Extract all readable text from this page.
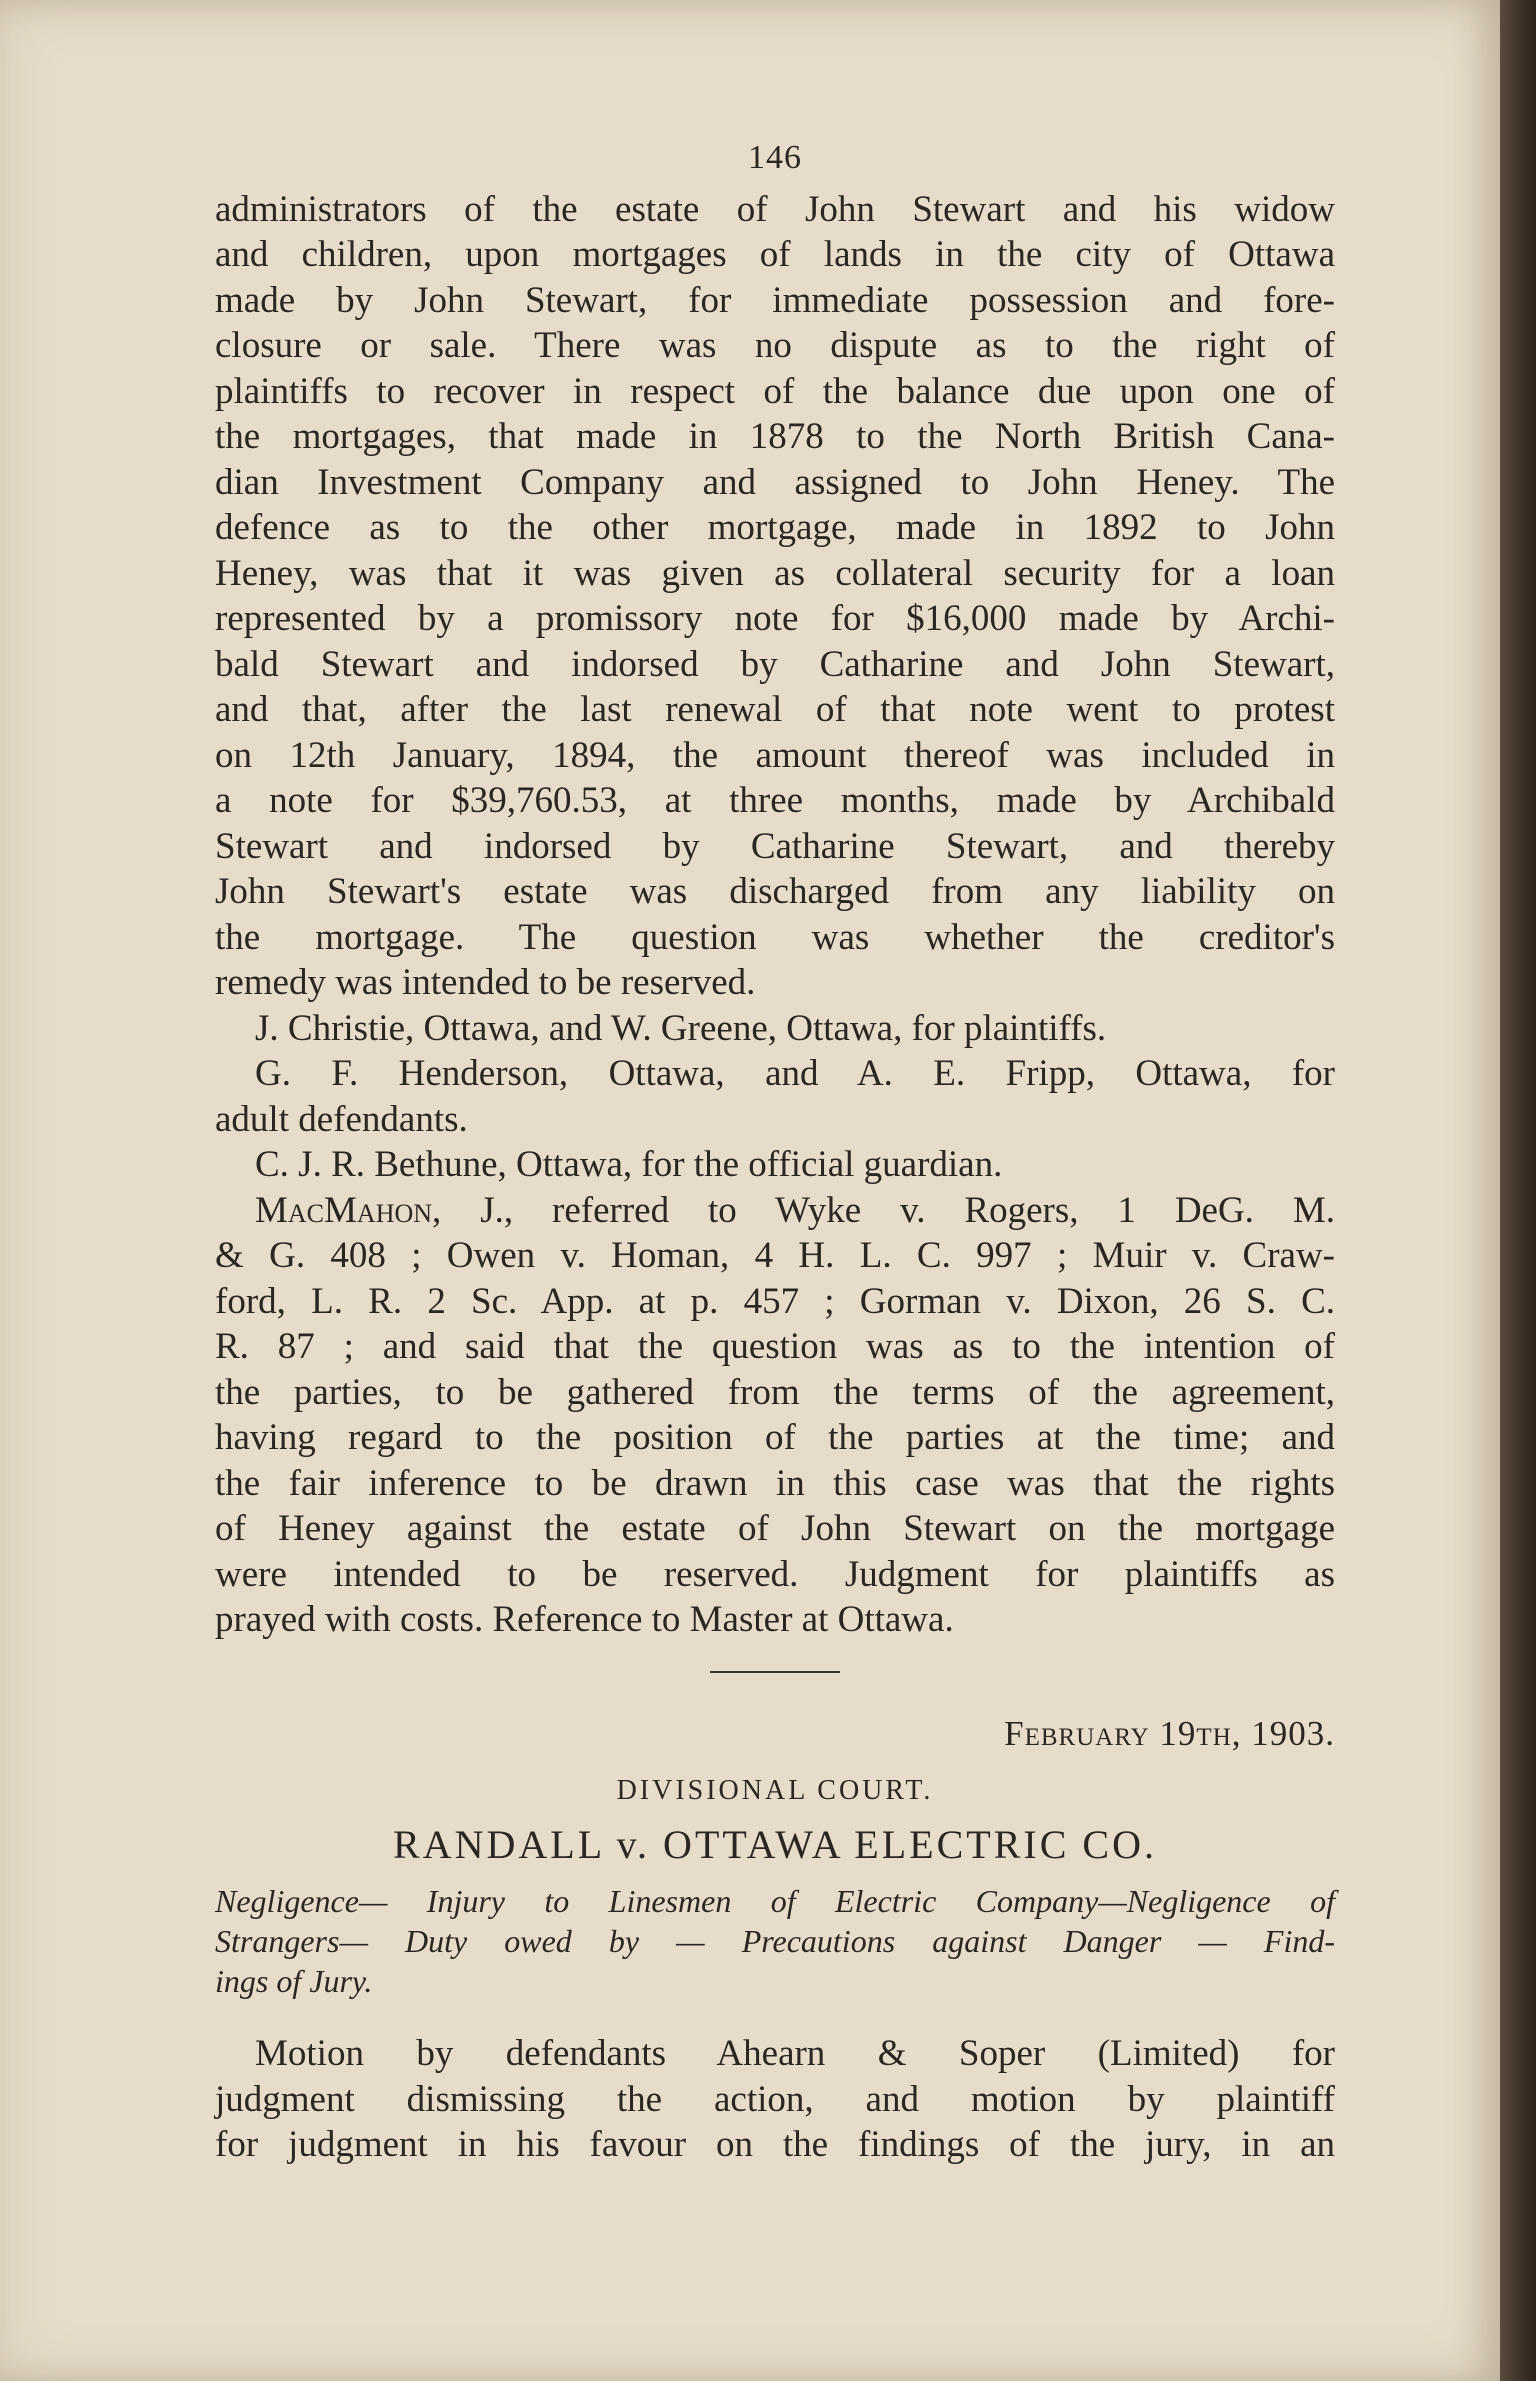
146

administrators of the estate of John Stewart and his widow

and children, upon mortgages of lands in the city of Ottawa

made by John Stewart, for immediate possession and fore-

closure or sale. There was no dispute as to the right of

plaintiffs to recover in respect of the balance due upon one of

the mortgages, that made in 1878 to the North British Cana-

dian Investment Company and assigned to John Heney. The

defence as to the other mortgage, made in 1892 to John

Heney, was that it was given as collateral security for a loan

represented by a promissory note for $16,000 made by Archi-

bald Stewart and indorsed by Catharine and John Stewart,

and that, after the last renewal of that note went to protest

on 12th January, 1894, the amount thereof was included in

a note for $39,760.53, at three months, made by Archibald

Stewart and indorsed by Catharine Stewart, and thereby

John Stewart's estate was discharged from any liability on

the mortgage. The question was whether the creditor's

remedy was intended to be reserved.

J. Christie, Ottawa, and W. Greene, Ottawa, for plaintiffs.

G. F. Henderson, Ottawa, and A. E. Fripp, Ottawa, for

adult defendants.

C. J. R. Bethune, Ottawa, for the official guardian.

MacMahon, J., referred to Wyke v. Rogers, 1 DeG. M.

& G. 408 ; Owen v. Homan, 4 H. L. C. 997 ; Muir v. Craw-

ford, L. R. 2 Sc. App. at p. 457 ; Gorman v. Dixon, 26 S. C.

R. 87 ; and said that the question was as to the intention of

the parties, to be gathered from the terms of the agreement,

having regard to the position of the parties at the time; and

the fair inference to be drawn in this case was that the rights

of Heney against the estate of John Stewart on the mortgage

were intended to be reserved. Judgment for plaintiffs as

prayed with costs. Reference to Master at Ottawa.

February 19th, 1903.
DIVISIONAL COURT.
RANDALL v. OTTAWA ELECTRIC CO.

Negligence— Injury to Linesmen of Electric Company—Negligence of

Strangers— Duty owed by — Precautions against Danger — Find-

ings of Jury.

Motion by defendants Ahearn & Soper (Limited) for

judgment dismissing the action, and motion by plaintiff

for judgment in his favour on the findings of the jury, in an
